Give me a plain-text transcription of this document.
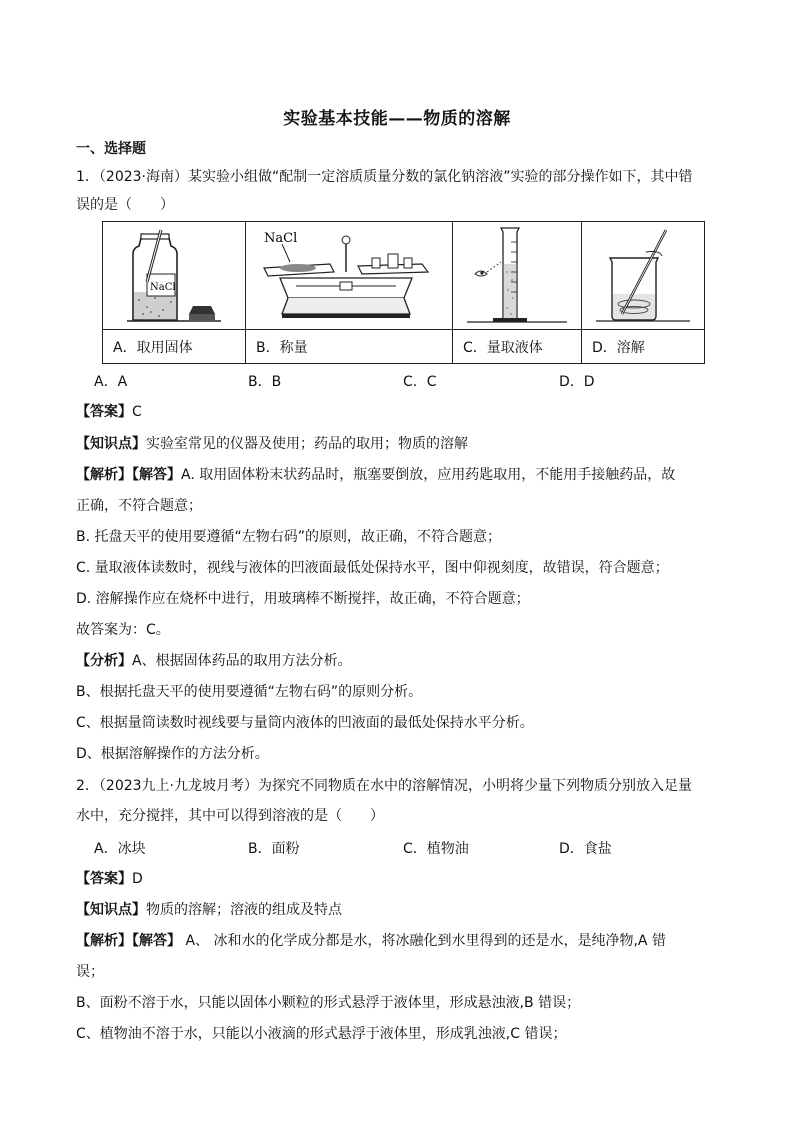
实验基本技能——物质的溶解
一、选择题
1．（2023·海南）某实验小组做“配制一定溶质质量分数的氯化钠溶液”实验的部分操作如下，其中错
误的是（　　）
NaCl	NaCl

A．取用固体	B．称量	C．量取液体	D．溶解
A．A	B．B	C．C	D．D
【答案】C
【知识点】实验室常见的仪器及使用；药品的取用；物质的溶解
【解析】【解答】A. 取用固体粉末状药品时，瓶塞要倒放，应用药匙取用，不能用手接触药品，故
正确，不符合题意；
B. 托盘天平的使用要遵循“左物右码”的原则，故正确，不符合题意；
C. 量取液体读数时，视线与液体的凹液面最低处保持水平，图中仰视刻度，故错误，符合题意；
D. 溶解操作应在烧杯中进行，用玻璃棒不断搅拌，故正确，不符合题意；
故答案为：C。
【分析】A、根据固体药品的取用方法分析。
B、根据托盘天平的使用要遵循“左物右码”的原则分析。
C、根据量筒读数时视线要与量筒内液体的凹液面的最低处保持水平分析。
D、根据溶解操作的方法分析。
2．（2023九上·九龙坡月考）为探究不同物质在水中的溶解情况，小明将少量下列物质分别放入足量
水中，充分搅拌，其中可以得到溶液的是（　　）
A．冰块	B．面粉	C．植物油	D．食盐
【答案】D
【知识点】物质的溶解；溶液的组成及特点
【解析】【解答】 A、 冰和水的化学成分都是水，将冰融化到水里得到的还是水，是纯净物,A 错
误；
B、面粉不溶于水，只能以固体小颗粒的形式悬浮于液体里，形成悬浊液,B 错误；
C、植物油不溶于水，只能以小液滴的形式悬浮于液体里，形成乳浊液,C 错误；
